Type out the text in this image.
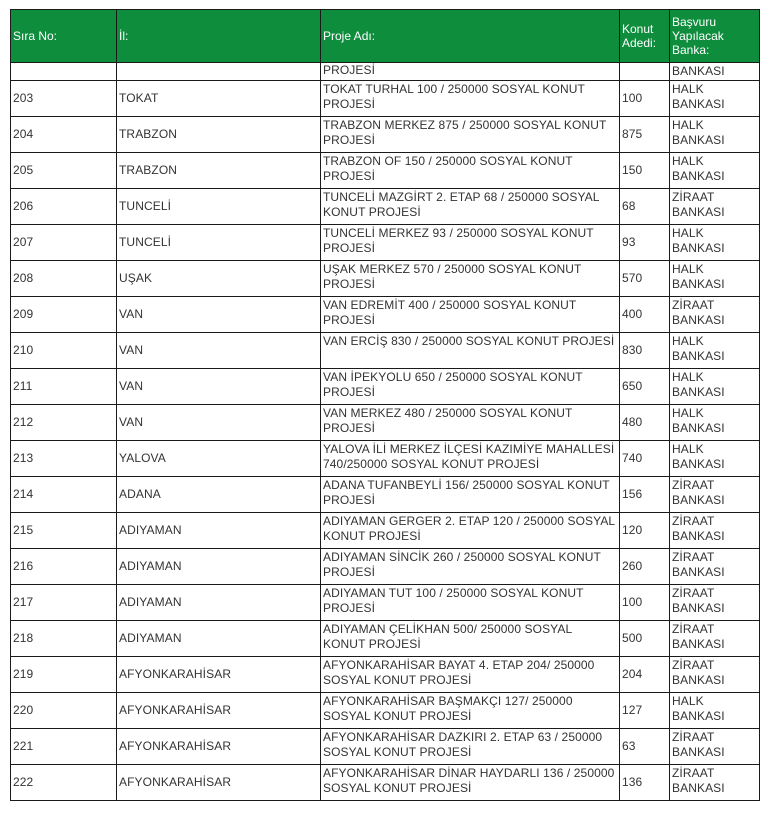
Sıra No:	İl:	Proje Adı:	Konut Adedi:	Başvuru Yapılacak Banka:
		PROJESİ		BANKASI
203	TOKAT	TOKAT TURHAL 100 / 250000 SOSYAL KONUT PROJESİ	100	HALK BANKASI
204	TRABZON	TRABZON MERKEZ 875 / 250000 SOSYAL KONUT PROJESİ	875	HALK BANKASI
205	TRABZON	TRABZON OF 150 / 250000 SOSYAL KONUT PROJESİ	150	HALK BANKASI
206	TUNCELİ	TUNCELİ MAZGİRT 2. ETAP 68 / 250000 SOSYAL KONUT PROJESİ	68	ZİRAAT BANKASI
207	TUNCELİ	TUNCELİ MERKEZ 93 / 250000 SOSYAL KONUT PROJESİ	93	HALK BANKASI
208	UŞAK	UŞAK MERKEZ 570 / 250000 SOSYAL KONUT PROJESİ	570	HALK BANKASI
209	VAN	VAN EDREMİT 400 / 250000 SOSYAL KONUT PROJESİ	400	ZİRAAT BANKASI
210	VAN	VAN ERCİŞ 830 / 250000 SOSYAL KONUT PROJESİ	830	HALK BANKASI
211	VAN	VAN İPEKYOLU 650 / 250000 SOSYAL KONUT PROJESİ	650	HALK BANKASI
212	VAN	VAN MERKEZ 480 / 250000 SOSYAL KONUT PROJESİ	480	HALK BANKASI
213	YALOVA	YALOVA İLİ MERKEZ İLÇESİ KAZIMİYE MAHALLESİ 740/250000 SOSYAL KONUT PROJESİ	740	HALK BANKASI
214	ADANA	ADANA TUFANBEYLİ 156/ 250000 SOSYAL KONUT PROJESİ	156	ZİRAAT BANKASI
215	ADIYAMAN	ADIYAMAN GERGER 2. ETAP 120 / 250000 SOSYAL KONUT PROJESİ	120	ZİRAAT BANKASI
216	ADIYAMAN	ADIYAMAN SİNCİK 260 / 250000 SOSYAL KONUT PROJESİ	260	ZİRAAT BANKASI
217	ADIYAMAN	ADIYAMAN TUT 100 / 250000 SOSYAL KONUT PROJESİ	100	ZİRAAT BANKASI
218	ADIYAMAN	ADIYAMAN ÇELİKHAN 500/ 250000 SOSYAL KONUT PROJESİ	500	ZİRAAT BANKASI
219	AFYONKARAHİSAR	AFYONKARAHİSAR BAYAT 4. ETAP 204/ 250000 SOSYAL KONUT PROJESİ	204	ZİRAAT BANKASI
220	AFYONKARAHİSAR	AFYONKARAHİSAR BAŞMAKÇI 127/ 250000 SOSYAL KONUT PROJESİ	127	HALK BANKASI
221	AFYONKARAHİSAR	AFYONKARAHİSAR DAZKIRI 2. ETAP 63 / 250000 SOSYAL KONUT PROJESİ	63	ZİRAAT BANKASI
222	AFYONKARAHİSAR	AFYONKARAHİSAR DİNAR HAYDARLI 136 / 250000 SOSYAL KONUT PROJESİ	136	ZİRAAT BANKASI
